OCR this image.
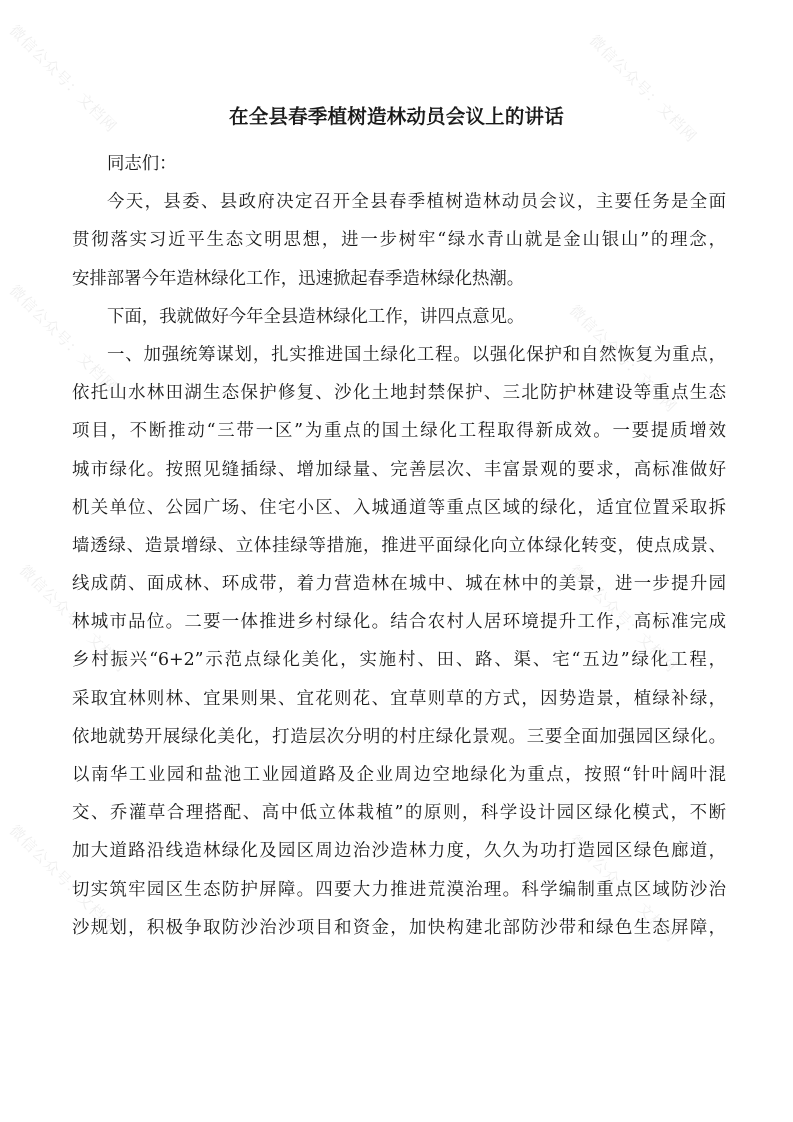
在全县春季植树造林动员会议上的讲话
同志们：
今天，县委、县政府决定召开全县春季植树造林动员会议，主要任务是全面
贯彻落实习近平生态文明思想，进一步树牢“绿水青山就是金山银山”的理念，
安排部署今年造林绿化工作，迅速掀起春季造林绿化热潮。
下面，我就做好今年全县造林绿化工作，讲四点意见。
一、加强统筹谋划，扎实推进国土绿化工程。以强化保护和自然恢复为重点，
依托山水林田湖生态保护修复、沙化土地封禁保护、三北防护林建设等重点生态
项目，不断推动“三带一区”为重点的国土绿化工程取得新成效。一要提质增效
城市绿化。按照见缝插绿、增加绿量、完善层次、丰富景观的要求，高标准做好
机关单位、公园广场、住宅小区、入城通道等重点区域的绿化，适宜位置采取拆
墙透绿、造景增绿、立体挂绿等措施，推进平面绿化向立体绿化转变，使点成景、
线成荫、面成林、环成带，着力营造林在城中、城在林中的美景，进一步提升园
林城市品位。二要一体推进乡村绿化。结合农村人居环境提升工作，高标准完成
乡村振兴“6+2”示范点绿化美化，实施村、田、路、渠、宅“五边”绿化工程，
采取宜林则林、宜果则果、宜花则花、宜草则草的方式，因势造景，植绿补绿，
依地就势开展绿化美化，打造层次分明的村庄绿化景观。三要全面加强园区绿化。
以南华工业园和盐池工业园道路及企业周边空地绿化为重点，按照“针叶阔叶混
交、乔灌草合理搭配、高中低立体栽植”的原则，科学设计园区绿化模式，不断
加大道路沿线造林绿化及园区周边治沙造林力度，久久为功打造园区绿色廊道，
切实筑牢园区生态防护屏障。四要大力推进荒漠治理。科学编制重点区域防沙治
沙规划，积极争取防沙治沙项目和资金，加快构建北部防沙带和绿色生态屏障，
微信公众号：文档网	微信公众号：文档网
微信公众号：文档网	微信公众号：文档网
微信公众号：文档网	微信公众号：文档网
微信公众号：文档网	微信公众号：文档网
